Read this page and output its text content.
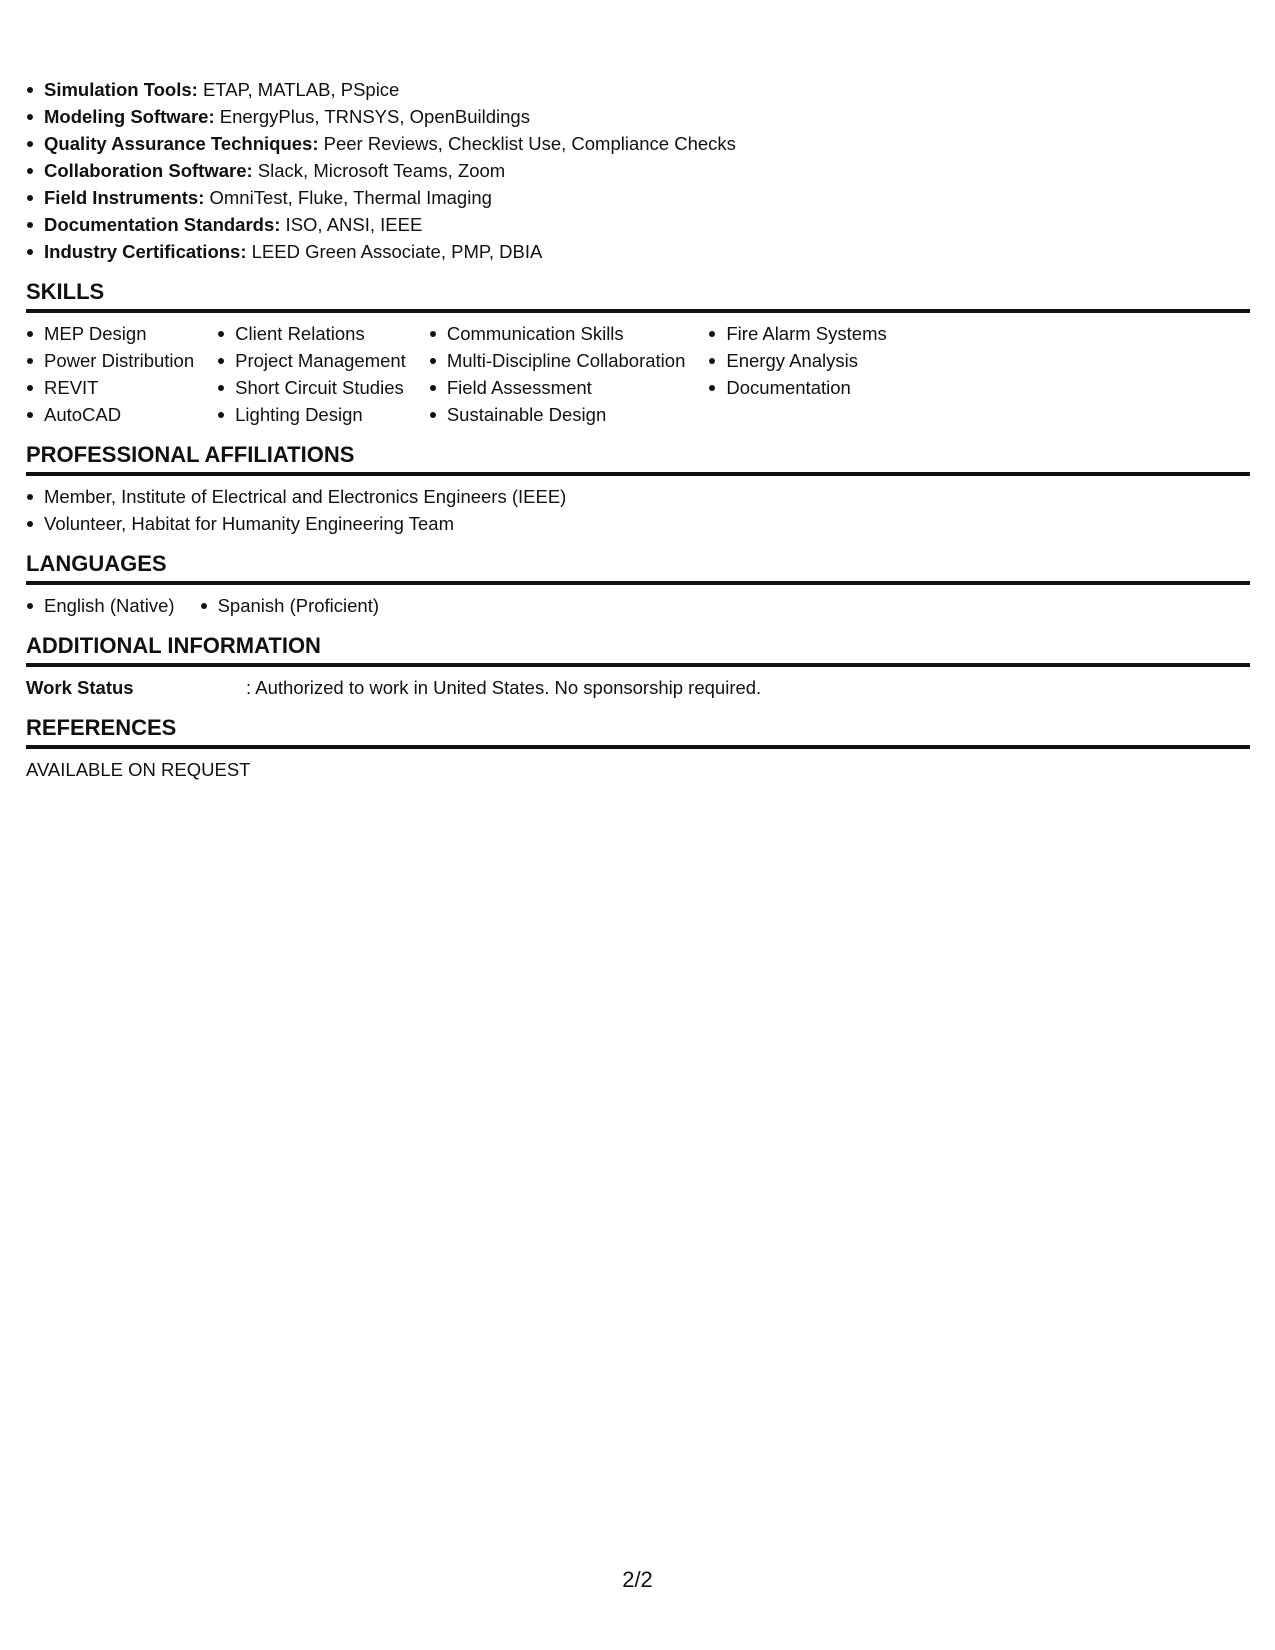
Simulation Tools: ETAP, MATLAB, PSpice
Modeling Software: EnergyPlus, TRNSYS, OpenBuildings
Quality Assurance Techniques: Peer Reviews, Checklist Use, Compliance Checks
Collaboration Software: Slack, Microsoft Teams, Zoom
Field Instruments: OmniTest, Fluke, Thermal Imaging
Documentation Standards: ISO, ANSI, IEEE
Industry Certifications: LEED Green Associate, PMP, DBIA
SKILLS
MEP Design
Power Distribution
REVIT
AutoCAD
Client Relations
Project Management
Short Circuit Studies
Lighting Design
Communication Skills
Multi-Discipline Collaboration
Field Assessment
Sustainable Design
Fire Alarm Systems
Energy Analysis
Documentation
PROFESSIONAL AFFILIATIONS
Member, Institute of Electrical and Electronics Engineers (IEEE)
Volunteer, Habitat for Humanity Engineering Team
LANGUAGES
English (Native)	Spanish (Proficient)
ADDITIONAL INFORMATION
Work Status	: Authorized to work in United States. No sponsorship required.
REFERENCES
AVAILABLE ON REQUEST
2/2
